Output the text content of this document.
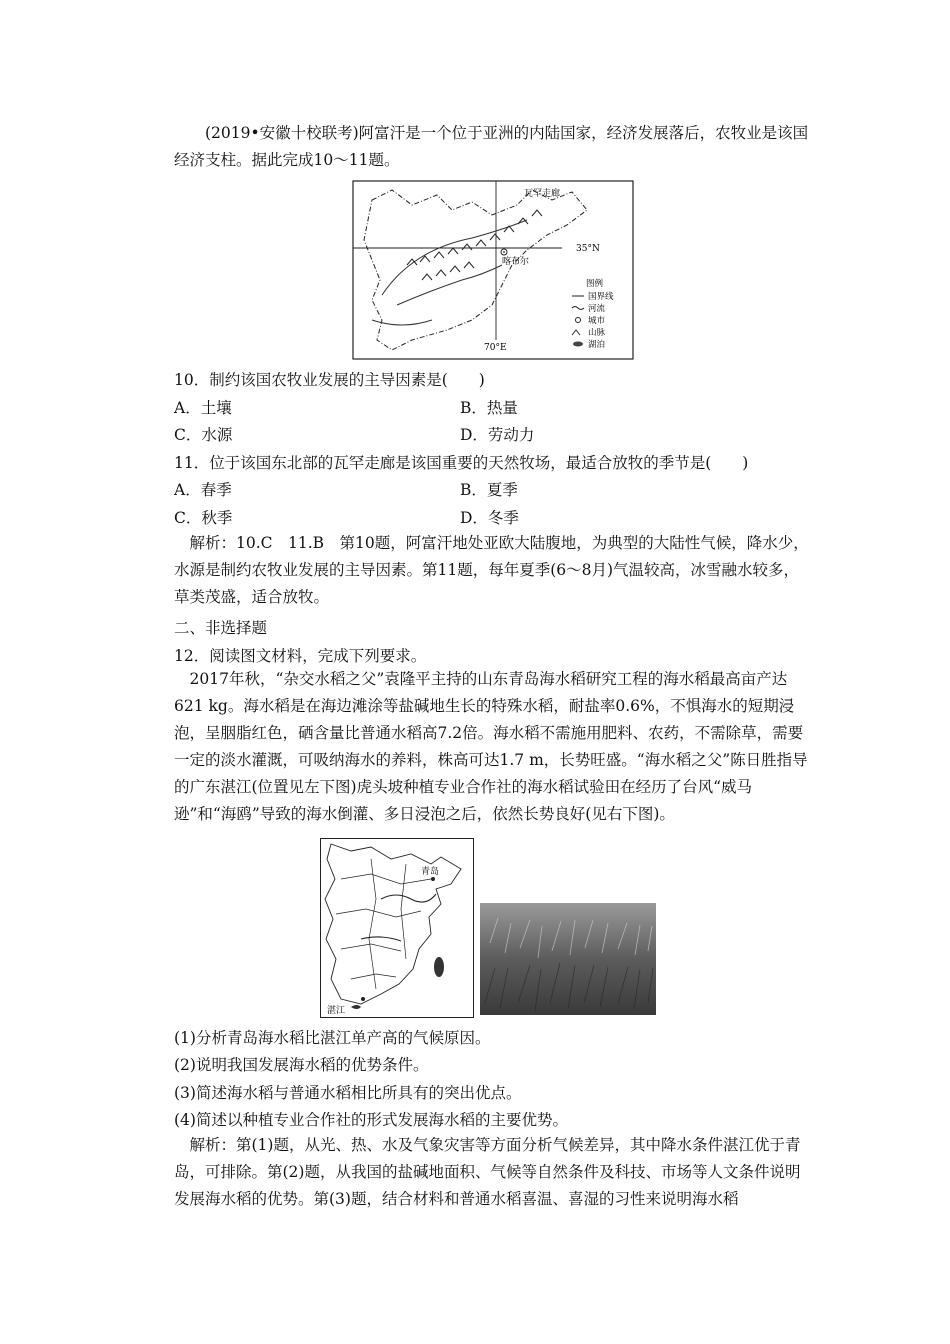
(2019•安徽十校联考)阿富汗是一个位于亚洲的内陆国家，经济发展落后，农牧业是该国经济支柱。据此完成10～11题。

瓦罕走廊
35°N
喀布尔
70°E
图例
国界线
河流
城市
山脉
湖泊
10．制约该国农牧业发展的主导因素是(　　)
A．土壤	B．热量
C．水源	D．劳动力
11．位于该国东北部的瓦罕走廊是该国重要的天然牧场，最适合放牧的季节是(　　)
A．春季	B．夏季
C．秋季	D．冬季

解析：10.C　11.B　第10题，阿富汗地处亚欧大陆腹地，为典型的大陆性气候，降水少，水源是制约农牧业发展的主导因素。第11题，每年夏季(6～8月)气温较高，冰雪融水较多，草类茂盛，适合放牧。

二、非选择题
12．阅读图文材料，完成下列要求。

2017年秋，“杂交水稻之父”袁隆平主持的山东青岛海水稻研究工程的海水稻最高亩产达621 kg。海水稻是在海边滩涂等盐碱地生长的特殊水稻，耐盐率0.6%，不惧海水的短期浸泡，呈胭脂红色，硒含量比普通水稻高7.2倍。海水稻不需施用肥料、农药，不需除草，需要一定的淡水灌溉，可吸纳海水的养料，株高可达1.7 m，长势旺盛。“海水稻之父”陈日胜指导的广东湛江(位置见左下图)虎头坡种植专业合作社的海水稻试验田在经历了台风“威马逊”和“海鸥”导致的海水倒灌、多日浸泡之后，依然长势良好(见右下图)。

青岛
湛江
(1)分析青岛海水稻比湛江单产高的气候原因。
(2)说明我国发展海水稻的优势条件。
(3)简述海水稻与普通水稻相比所具有的突出优点。
(4)简述以种植专业合作社的形式发展海水稻的主要优势。

解析：第(1)题，从光、热、水及气象灾害等方面分析气候差异，其中降水条件湛江优于青岛，可排除。第(2)题，从我国的盐碱地面积、气候等自然条件及科技、市场等人文条件说明发展海水稻的优势。第(3)题，结合材料和普通水稻喜温、喜湿的习性来说明海水稻
